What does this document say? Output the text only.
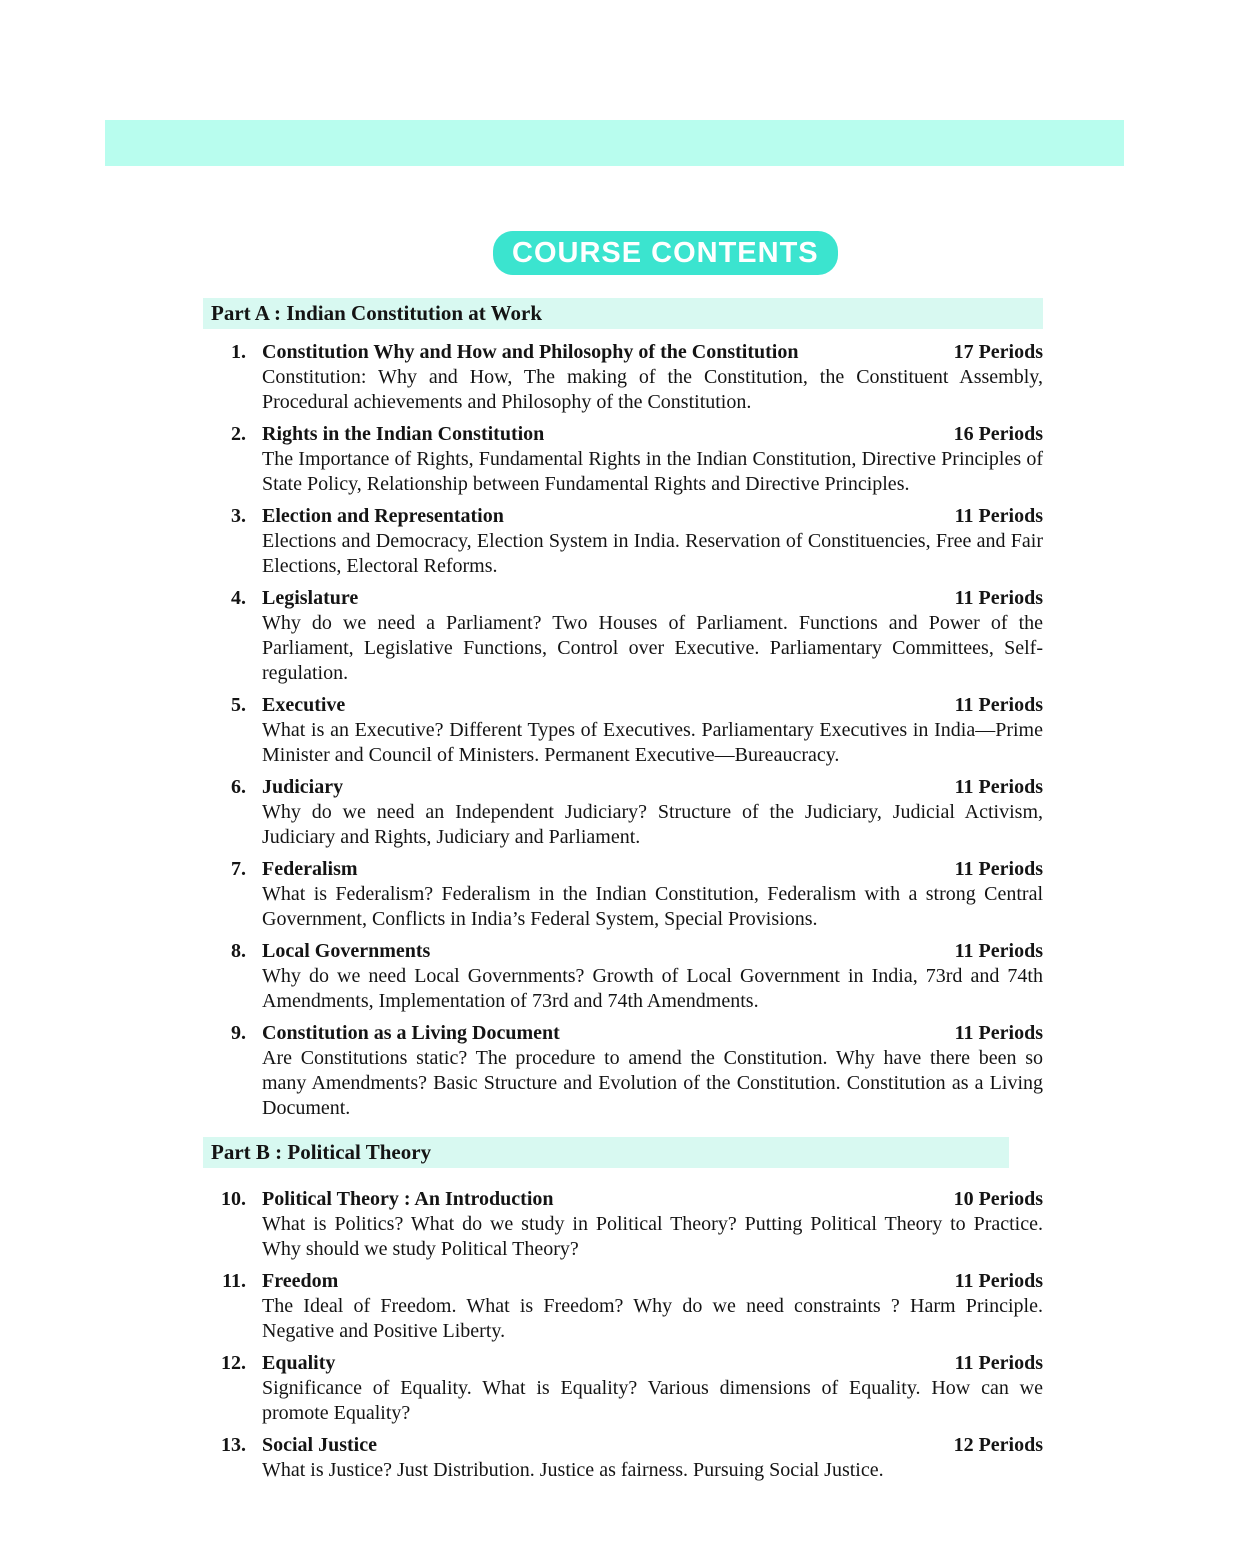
COURSE CONTENTS
Part A : Indian Constitution at Work
1. Constitution Why and How and Philosophy of the Constitution	17 Periods
Constitution: Why and How, The making of the Constitution, the Constituent Assembly, Procedural achievements and Philosophy of the Constitution.
2. Rights in the Indian Constitution	16 Periods
The Importance of Rights, Fundamental Rights in the Indian Constitution, Directive Principles of State Policy, Relationship between Fundamental Rights and Directive Principles.
3. Election and Representation	11 Periods
Elections and Democracy, Election System in India. Reservation of Constituencies, Free and Fair Elections, Electoral Reforms.
4. Legislature	11 Periods
Why do we need a Parliament? Two Houses of Parliament. Functions and Power of the Parliament, Legislative Functions, Control over Executive. Parliamentary Committees, Self-regulation.
5. Executive	11 Periods
What is an Executive? Different Types of Executives. Parliamentary Executives in India—Prime Minister and Council of Ministers. Permanent Executive—Bureaucracy.
6. Judiciary	11 Periods
Why do we need an Independent Judiciary? Structure of the Judiciary, Judicial Activism, Judiciary and Rights, Judiciary and Parliament.
7. Federalism	11 Periods
What is Federalism? Federalism in the Indian Constitution, Federalism with a strong Central Government, Conflicts in India’s Federal System, Special Provisions.
8. Local Governments	11 Periods
Why do we need Local Governments? Growth of Local Government in India, 73rd and 74th Amendments, Implementation of 73rd and 74th Amendments.
9. Constitution as a Living Document	11 Periods
Are Constitutions static? The procedure to amend the Constitution. Why have there been so many Amendments? Basic Structure and Evolution of the Constitution. Constitution as a Living Document.
Part B : Political Theory
10. Political Theory : An Introduction	10 Periods
What is Politics? What do we study in Political Theory? Putting Political Theory to Practice. Why should we study Political Theory?
11. Freedom	11 Periods
The Ideal of Freedom. What is Freedom? Why do we need constraints ? Harm Principle. Negative and Positive Liberty.
12. Equality	11 Periods
Significance of Equality. What is Equality? Various dimensions of Equality. How can we promote Equality?
13. Social Justice	12 Periods
What is Justice? Just Distribution. Justice as fairness. Pursuing Social Justice.
